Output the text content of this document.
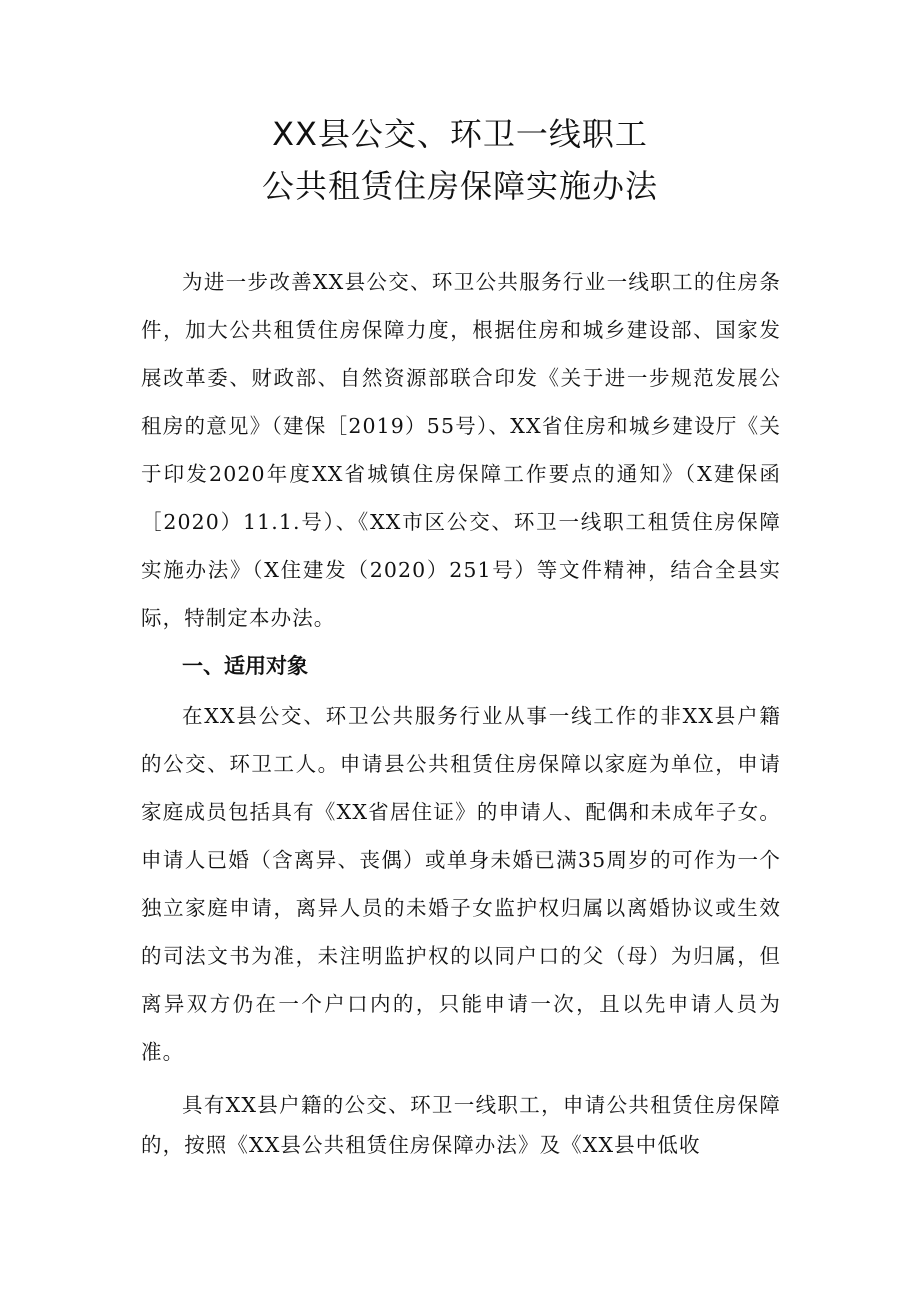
XX县公交、环卫一线职工
公共租赁住房保障实施办法

为进一步改善XX县公交、环卫公共服务行业一线职工的住房条件，加大公共租赁住房保障力度，根据住房和城乡建设部、国家发展改革委、财政部、自然资源部联合印发《关于进一步规范发展公租房的意见》（建保［2019）55号）、XX省住房和城乡建设厅《关于印发2020年度XX省城镇住房保障工作要点的通知》（X建保函［2020）11.1.号）、《XX市区公交、环卫一线职工租赁住房保障实施办法》（X住建发（2020）251号）等文件精神，结合全县实际，特制定本办法。

一、适用对象

在XX县公交、环卫公共服务行业从事一线工作的非XX县户籍的公交、环卫工人。申请县公共租赁住房保障以家庭为单位，申请家庭成员包括具有《XX省居住证》的申请人、配偶和未成年子女。申请人已婚（含离异、丧偶）或单身未婚已满35周岁的可作为一个独立家庭申请，离异人员的未婚子女监护权归属以离婚协议或生效的司法文书为准，未注明监护权的以同户口的父（母）为归属，但离异双方仍在一个户口内的，只能申请一次，且以先申请人员为准。

具有XX县户籍的公交、环卫一线职工，申请公共租赁住房保障的，按照《XX县公共租赁住房保障办法》及《XX县中低收
